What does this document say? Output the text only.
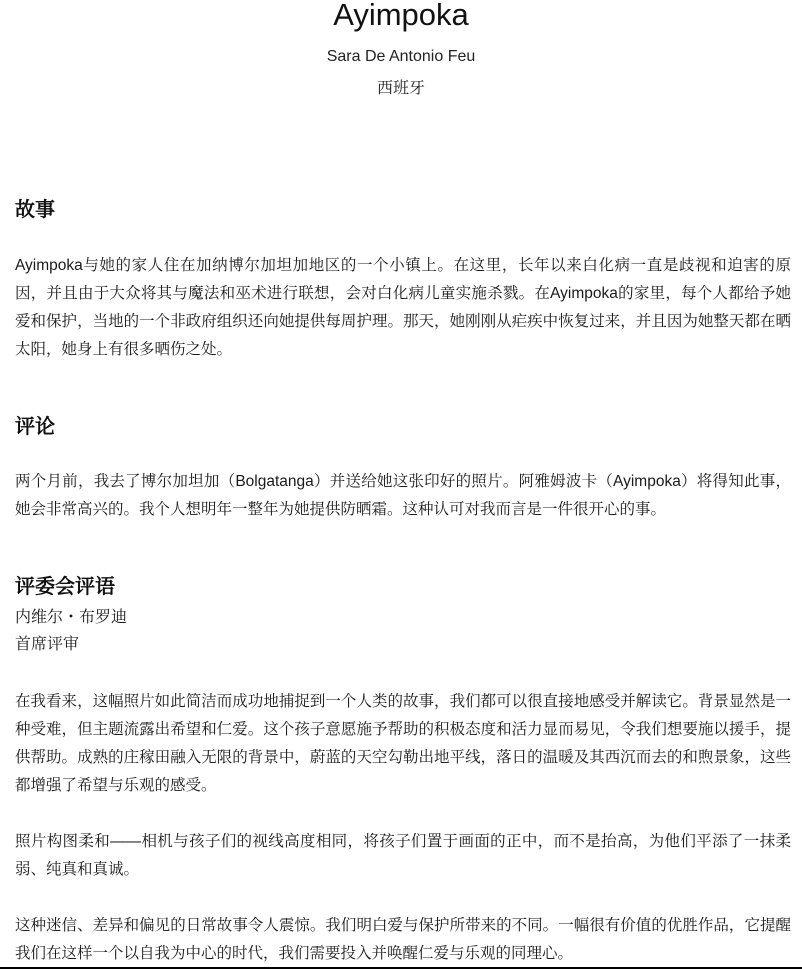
Ayimpoka

Sara De Antonio Feu

西班牙

故事

Ayimpoka与她的家人住在加纳博尔加坦加地区的一个小镇上。在这里，长年以来白化病一直是歧视和迫害的原因，并且由于大众将其与魔法和巫术进行联想，会对白化病儿童实施杀戮。在Ayimpoka的家里，每个人都给予她爱和保护，当地的一个非政府组织还向她提供每周护理。那天，她刚刚从疟疾中恢复过来，并且因为她整天都在晒太阳，她身上有很多晒伤之处。

评论

两个月前，我去了博尔加坦加（Bolgatanga）并送给她这张印好的照片。阿雅姆波卡（Ayimpoka）将得知此事，她会非常高兴的。我个人想明年一整年为她提供防晒霜。这种认可对我而言是一件很开心的事。

评委会评语

内维尔・布罗迪

首席评审

在我看来，这幅照片如此简洁而成功地捕捉到一个人类的故事，我们都可以很直接地感受并解读它。背景显然是一种受难，但主题流露出希望和仁爱。这个孩子意愿施予帮助的积极态度和活力显而易见，令我们想要施以援手，提供帮助。成熟的庄稼田融入无限的背景中，蔚蓝的天空勾勒出地平线，落日的温暖及其西沉而去的和煦景象，这些都增强了希望与乐观的感受。

照片构图柔和——相机与孩子们的视线高度相同，将孩子们置于画面的正中，而不是抬高，为他们平添了一抹柔弱、纯真和真诚。

这种迷信、差异和偏见的日常故事令人震惊。我们明白爱与保护所带来的不同。一幅很有价值的优胜作品，它提醒我们在这样一个以自我为中心的时代，我们需要投入并唤醒仁爱与乐观的同理心。
